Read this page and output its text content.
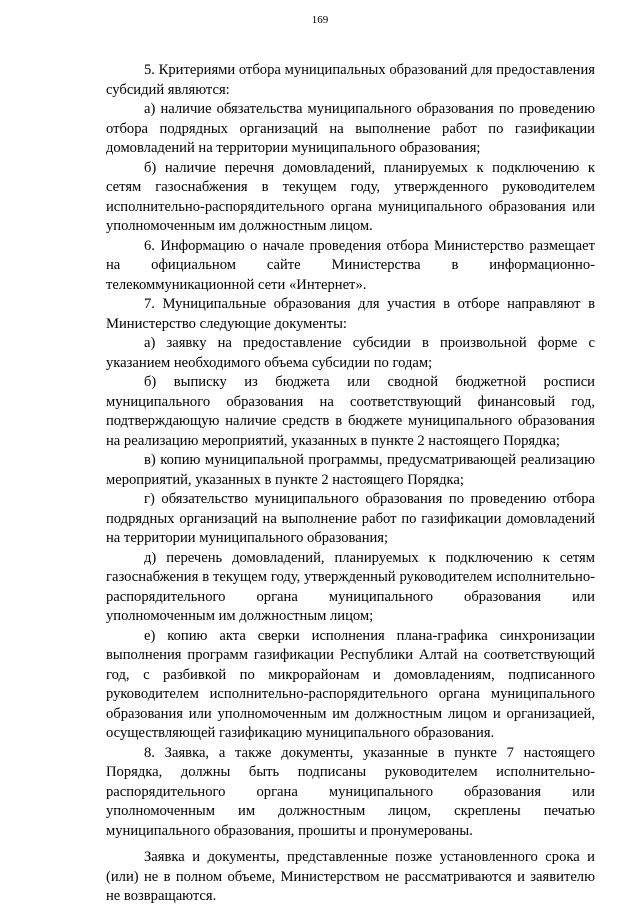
169

5. Критериями отбора муниципальных образований для предоставления субсидий являются:

а) наличие обязательства муниципального образования по проведению отбора подрядных организаций на выполнение работ по газификации домовладений на территории муниципального образования;

б) наличие перечня домовладений, планируемых к подключению к сетям газоснабжения в текущем году, утвержденного руководителем исполнительно-распорядительного органа муниципального образования или уполномоченным им должностным лицом.

6. Информацию о начале проведения отбора Министерство размещает на официальном сайте Министерства в информационно-телекоммуникационной сети «Интернет».

7. Муниципальные образования для участия в отборе направляют в Министерство следующие документы:

а) заявку на предоставление субсидии в произвольной форме с указанием необходимого объема субсидии по годам;

б) выписку из бюджета или сводной бюджетной росписи муниципального образования на соответствующий финансовый год, подтверждающую наличие средств в бюджете муниципального образования на реализацию мероприятий, указанных в пункте 2 настоящего Порядка;

в) копию муниципальной программы, предусматривающей реализацию мероприятий, указанных в пункте 2 настоящего Порядка;

г) обязательство муниципального образования по проведению отбора подрядных организаций на выполнение работ по газификации домовладений на территории муниципального образования;

д) перечень домовладений, планируемых к подключению к сетям газоснабжения в текущем году, утвержденный руководителем исполнительно-распорядительного органа муниципального образования или уполномоченным им должностным лицом;

е) копию акта сверки исполнения плана-графика синхронизации выполнения программ газификации Республики Алтай на соответствующий год, с разбивкой по микрорайонам и домовладениям, подписанного руководителем исполнительно-распорядительного органа муниципального образования или уполномоченным им должностным лицом и организацией, осуществляющей газификацию муниципального образования.

8. Заявка, а также документы, указанные в пункте 7 настоящего Порядка, должны быть подписаны руководителем исполнительно-распорядительного органа муниципального образования или уполномоченным им должностным лицом, скреплены печатью муниципального образования, прошиты и пронумерованы.

Заявка и документы, представленные позже установленного срока и (или) не в полном объеме, Министерством не рассматриваются и заявителю не возвращаются.
